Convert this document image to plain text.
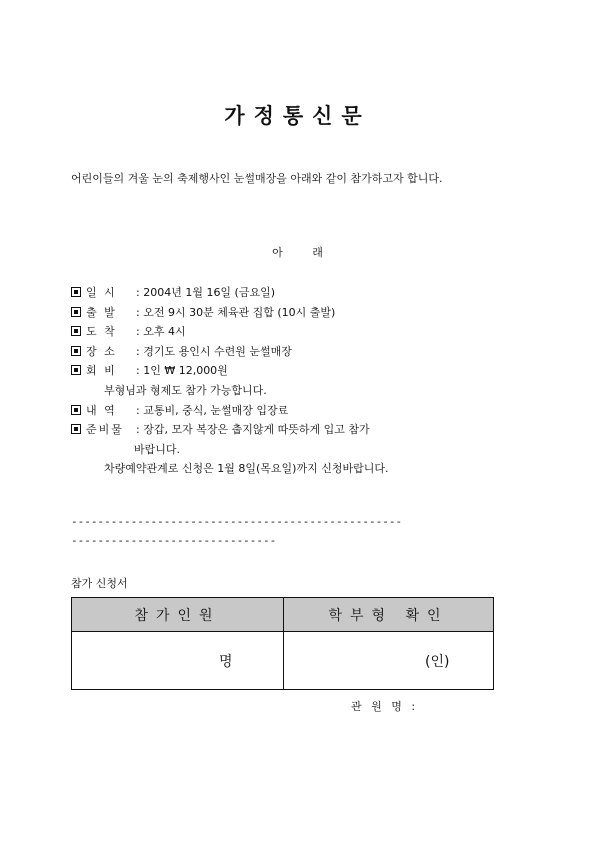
가정통신문
어린이들의 겨울 눈의 축제행사인 눈썰매장을 아래와 같이 참가하고자 합니다.
아 래
일 시 : 2004년 1월 16일 (금요일)
출 발 : 오전 9시 30분 체육관 집합 (10시 출발)
도 착 : 오후 4시
장 소 : 경기도 용인시 수련원 눈썰매장
회 비 : 1인 ₩ 12,000원
부형님과 형제도 참가 가능합니다.
내 역 : 교통비, 중식, 눈썰매장 입장료
준비물 : 장갑, 모자 복장은 춥지않게 따뜻하게 입고 참가
바랍니다.
차량예약관계로 신청은 1월 8일(목요일)까지 신청바랍니다.
--------------------------------------------------
-------------------------------
참가 신청서
참가인원	학부형 확인
명	(인)
관 원 명 :
